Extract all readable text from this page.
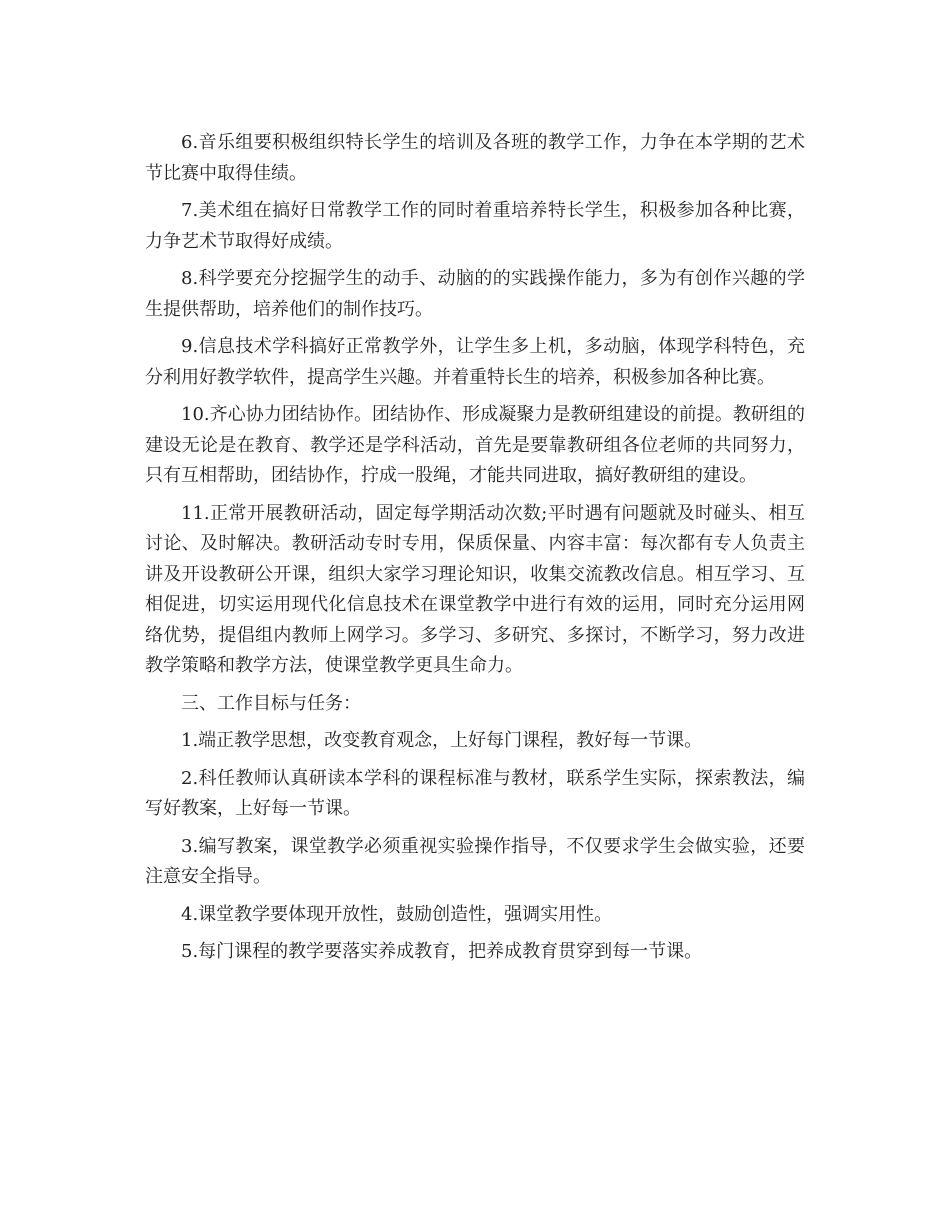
6.音乐组要积极组织特长学生的培训及各班的教学工作，力争在本学期的艺术节比赛中取得佳绩。

7.美术组在搞好日常教学工作的同时着重培养特长学生，积极参加各种比赛，力争艺术节取得好成绩。

8.科学要充分挖掘学生的动手、动脑的的实践操作能力，多为有创作兴趣的学生提供帮助，培养他们的制作技巧。

9.信息技术学科搞好正常教学外，让学生多上机，多动脑，体现学科特色，充分利用好教学软件，提高学生兴趣。并着重特长生的培养，积极参加各种比赛。

10.齐心协力团结协作。团结协作、形成凝聚力是教研组建设的前提。教研组的建设无论是在教育、教学还是学科活动，首先是要靠教研组各位老师的共同努力，只有互相帮助，团结协作，拧成一股绳，才能共同进取，搞好教研组的建设。

11.正常开展教研活动，固定每学期活动次数;平时遇有问题就及时碰头、相互讨论、及时解决。教研活动专时专用，保质保量、内容丰富：每次都有专人负责主讲及开设教研公开课，组织大家学习理论知识，收集交流教改信息。相互学习、互相促进，切实运用现代化信息技术在课堂教学中进行有效的运用，同时充分运用网络优势，提倡组内教师上网学习。多学习、多研究、多探讨，不断学习，努力改进教学策略和教学方法，使课堂教学更具生命力。

三、工作目标与任务：

1.端正教学思想，改变教育观念，上好每门课程，教好每一节课。

2.科任教师认真研读本学科的课程标准与教材，联系学生实际，探索教法，编写好教案，上好每一节课。

3.编写教案，课堂教学必须重视实验操作指导，不仅要求学生会做实验，还要注意安全指导。

4.课堂教学要体现开放性，鼓励创造性，强调实用性。

5.每门课程的教学要落实养成教育，把养成教育贯穿到每一节课。
